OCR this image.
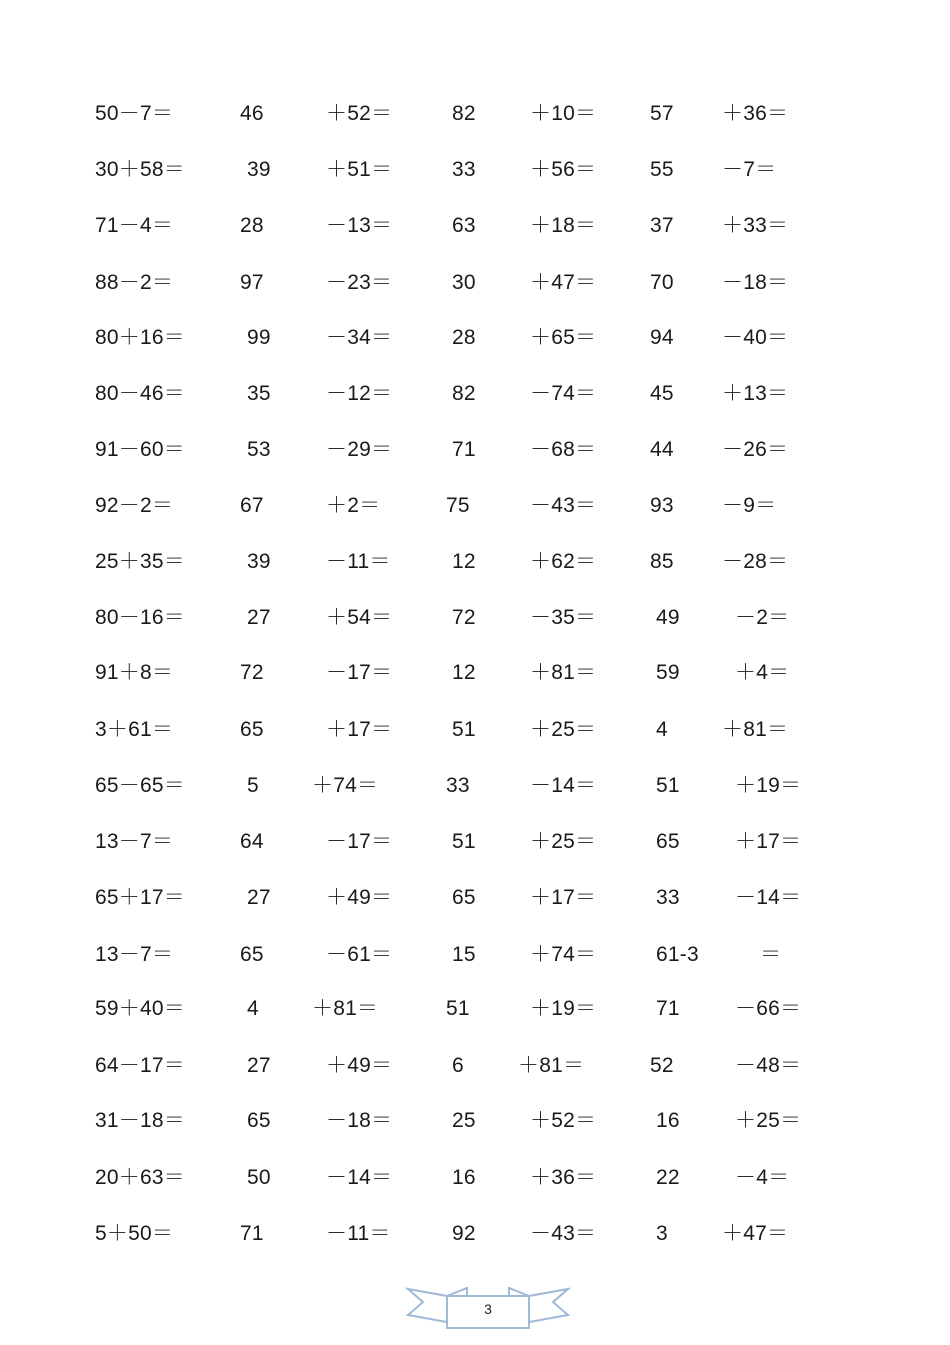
50－7＝	46	＋52＝	82	＋10＝	57 ＋36＝
30＋58＝	39	＋51＝	33	＋56＝	55 －7＝
71－4＝	28	－13＝	63	＋18＝	37 ＋33＝
88－2＝	97	－23＝	30	＋47＝	70 －18＝
80＋16＝	99	－34＝	28	＋65＝	94 －40＝
80－46＝	35	－12＝	82	－74＝	45 ＋13＝
91－60＝	53	－29＝	71	－68＝	44 －26＝
92－2＝	67	＋2＝	75	－43＝	93 －9＝
25＋35＝	39	－11＝	12	＋62＝	85 －28＝
80－16＝	27	＋54＝	72	－35＝	49	－2＝
91＋8＝	72	－17＝	12	＋81＝	59	＋4＝
3＋61＝	65	＋17＝	51	＋25＝	4	＋81＝
65－65＝	5	＋74＝	33	－14＝	51	＋19＝
13－7＝	64	－17＝	51	＋25＝	65	＋17＝
65＋17＝	27	＋49＝	65	＋17＝	33	－14＝
13－7＝	65	－61＝	15	＋74＝	61-3	＝
59＋40＝	4	＋81＝	51	＋19＝	71	－66＝
64－17＝	27	＋49＝	6	＋81＝	52	－48＝
31－18＝	65	－18＝	25	＋52＝	16	＋25＝
20＋63＝	50	－14＝	16	＋36＝	22	－4＝
5＋50＝	71	－11＝	92	－43＝	3	＋47＝
3
